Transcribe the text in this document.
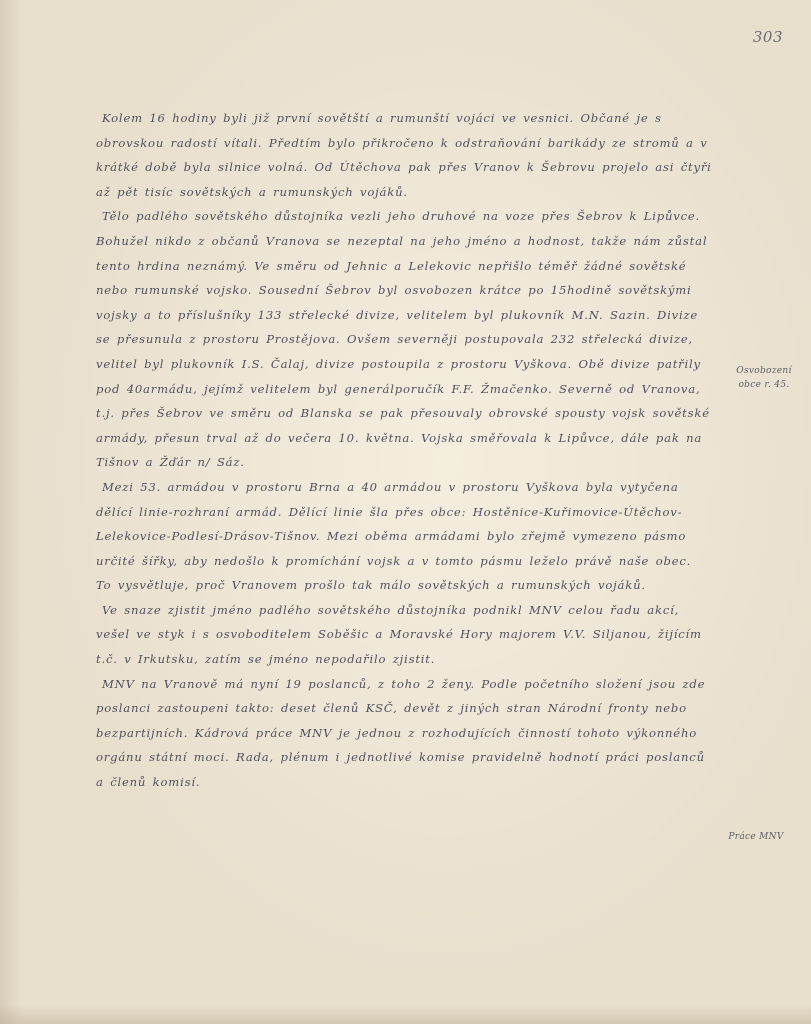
303

Kolem 16 hodiny byli již první sovětští a rumunští vojáci ve vesnici. Občané je s obrovskou radostí vítali. Předtím bylo přikročeno k odstraňování barikády ze stromů a v krátké době byla silnice volná. Od Útěchova pak přes Vranov k Šebrovu projelo asi čtyři až pět tisíc sovětských a rumunských vojáků.

Tělo padlého sovětského důstojníka vezli jeho druhové na voze přes Šebrov k Lipůvce. Bohužel nikdo z občanů Vranova se nezeptal na jeho jméno a hodnost, takže nám zůstal tento hrdina neznámý. Ve směru od Jehnic a Lelekovic nepřišlo téměř žádné sovětské nebo rumunské vojsko. Sousední Šebrov byl osvobozen krátce po 15hodině sovětskými vojsky a to příslušníky 133 střelecké divize, velitelem byl plukovník M.N. Sazin. Divize se přesunula z prostoru Prostějova. Ovšem severněji postupovala 232 střelecká divize, velitel byl plukovník I.S. Čalaj, divize postoupila z prostoru Vyškova. Obě divize patřily pod 40armádu, jejímž velitelem byl generálporučík F.F. Žmačenko. Severně od Vranova, t.j. přes Šebrov ve směru od Blanska se pak přesouvaly obrovské spousty vojsk sovětské armády, přesun trval až do večera 10. května. Vojska směřovala k Lipůvce, dále pak na Tišnov a Žďár n/ Sáz.

Mezi 53. armádou v prostoru Brna a 40 armádou v prostoru Vyškova byla vytyčena dělící linie-rozhraní armád. Dělící linie šla přes obce: Hostěnice-Kuřimovice-Útěchov-Lelekovice-Podlesí-Drásov-Tišnov. Mezi oběma armádami bylo zřejmě vymezeno pásmo určité šířky, aby nedošlo k promíchání vojsk a v tomto pásmu leželo právě naše obec. To vysvětluje, proč Vranovem prošlo tak málo sovětských a rumunských vojáků.

Ve snaze zjistit jméno padlého sovětského důstojníka podnikl MNV celou řadu akcí, vešel ve styk i s osvoboditelem Soběšic a Moravské Hory majorem V.V. Siljanou, žijícím t.č. v Irkutsku, zatím se jméno nepodařilo zjistit.

MNV na Vranově má nyní 19 poslanců, z toho 2 ženy. Podle početního složení jsou zde poslanci zastoupeni takto: deset členů KSČ, devět z jiných stran Národní fronty nebo bezpartijních. Kádrová práce MNV je jednou z rozhodujících činností tohoto výkonného orgánu státní moci. Rada, plénum i jednotlivé komise pravidelně hodnotí práci poslanců a členů komisí.

Osvobození obce r. 45.
Práce MNV
